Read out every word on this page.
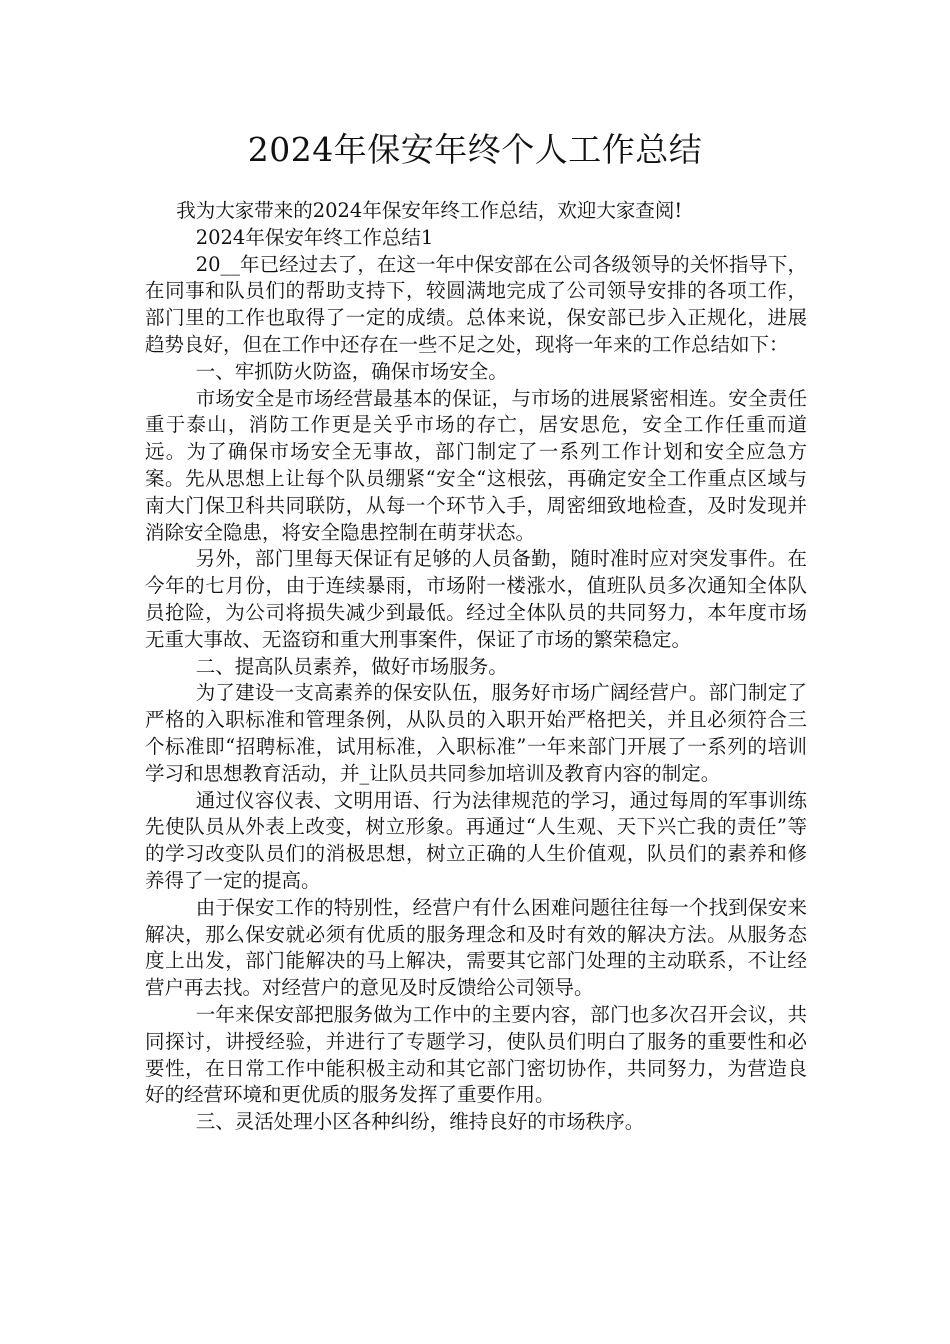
2024年保安年终个人工作总结

我为大家带来的2024年保安年终工作总结，欢迎大家查阅!

2024年保安年终工作总结1

20__年已经过去了，在这一年中保安部在公司各级领导的关怀指导下，在同事和队员们的帮助支持下，较圆满地完成了公司领导安排的各项工作，部门里的工作也取得了一定的成绩。总体来说，保安部已步入正规化，进展趋势良好，但在工作中还存在一些不足之处，现将一年来的工作总结如下：

一、牢抓防火防盗，确保市场安全。

市场安全是市场经营最基本的保证，与市场的进展紧密相连。安全责任重于泰山，消防工作更是关乎市场的存亡，居安思危，安全工作任重而道远。为了确保市场安全无事故，部门制定了一系列工作计划和安全应急方案。先从思想上让每个队员绷紧“安全“这根弦，再确定安全工作重点区域与南大门保卫科共同联防，从每一个环节入手，周密细致地检查，及时发现并消除安全隐患，将安全隐患控制在萌芽状态。

另外，部门里每天保证有足够的人员备勤，随时准时应对突发事件。在今年的七月份，由于连续暴雨，市场附一楼涨水，值班队员多次通知全体队员抢险，为公司将损失减少到最低。经过全体队员的共同努力，本年度市场无重大事故、无盗窃和重大刑事案件，保证了市场的繁荣稳定。

二、提高队员素养，做好市场服务。

为了建设一支高素养的保安队伍，服务好市场广阔经营户。部门制定了严格的入职标准和管理条例，从队员的入职开始严格把关，并且必须符合三个标准即“招聘标准，试用标准，入职标准”一年来部门开展了一系列的培训学习和思想教育活动，并_让队员共同参加培训及教育内容的制定。

通过仪容仪表、文明用语、行为法律规范的学习，通过每周的军事训练先使队员从外表上改变，树立形象。再通过“人生观、天下兴亡我的责任”等的学习改变队员们的消极思想，树立正确的人生价值观，队员们的素养和修养得了一定的提高。

由于保安工作的特别性，经营户有什么困难问题往往每一个找到保安来解决，那么保安就必须有优质的服务理念和及时有效的解决方法。从服务态度上出发，部门能解决的马上解决，需要其它部门处理的主动联系，不让经营户再去找。对经营户的意见及时反馈给公司领导。

一年来保安部把服务做为工作中的主要内容，部门也多次召开会议，共同探讨，讲授经验，并进行了专题学习，使队员们明白了服务的重要性和必要性，在日常工作中能积极主动和其它部门密切协作，共同努力，为营造良好的经营环境和更优质的服务发挥了重要作用。

三、灵活处理小区各种纠纷，维持良好的市场秩序。
